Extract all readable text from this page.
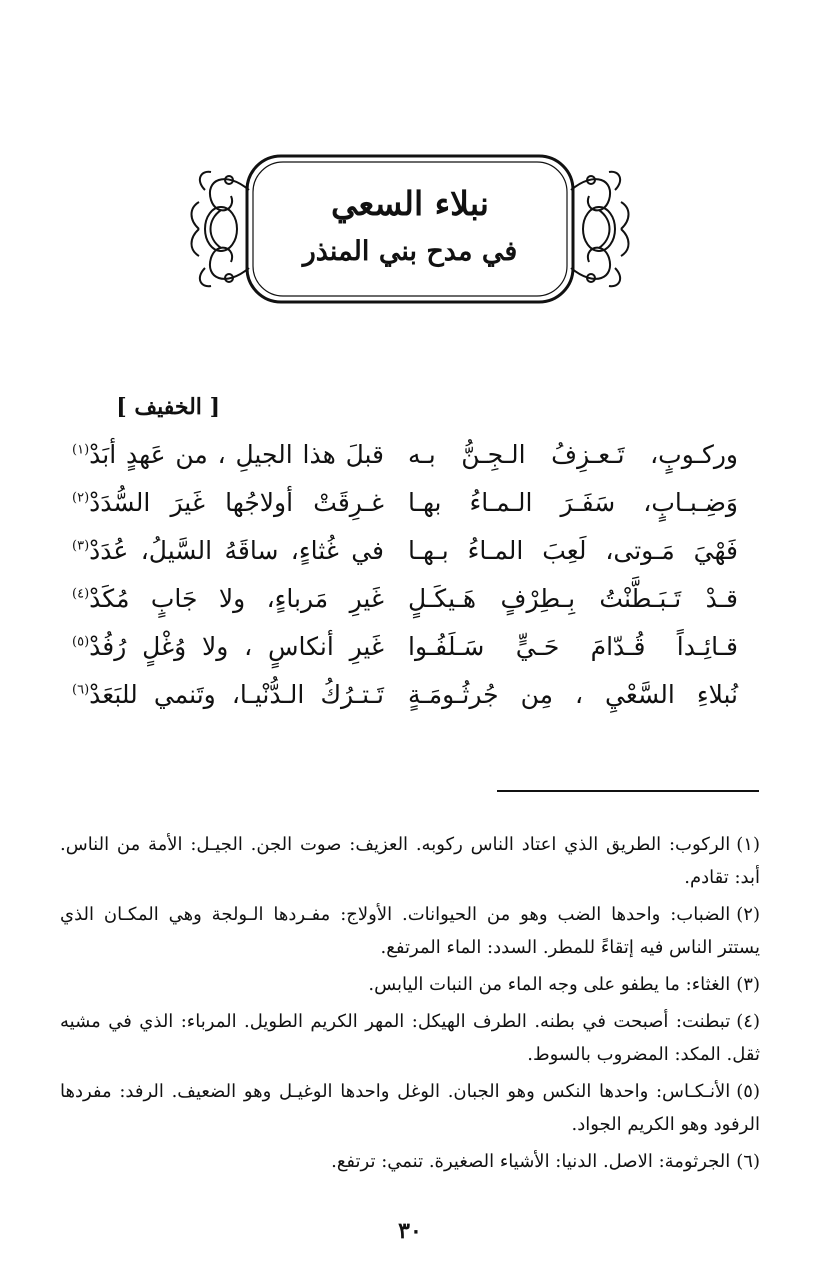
نبلاء السعي
في مدح بني المنذر
[ الخفيف ]
وركـوبٍ، تَـعـزِفُ الـجِـنُّ بـه
قبلَ هذا الجيلِ ، من عَهدٍ أبَدْ$^{(١)}$
وَضِـبـابٍ، سَفَـرَ الـمـاءُ بهـا
غـرِقَتْ أولاجُها غَيرَ السُّدَدْ$^{(٢)}$
فَهْيَ مَـوتى، لَعِبَ المـاءُ بـهـا
في غُثاءٍ، ساقَهُ السَّيلُ، عُدَدْ$^{(٣)}$
قـدْ تَـبَـطَّنْتُ بِـطِرْفٍ هَـيكَـلٍ
غَيرِ مَرباءٍ، ولا جَابٍ مُكَدْ$^{(٤)}$
قـائِـداً قُـدّامَ حَـيٍّ سَـلَفُـوا
غَيرِ أنكاسٍ ، ولا وُغْلٍ رُفُدْ$^{(٥)}$
نُبلاءِ السَّعْيِ ، مِن جُرثُـومَـةٍ
تَـتـرُكُ الـدُّنْيـا، وتَنمي للبَعَدْ$^{(٦)}$
(١)الركوب: الطريق الذي اعتاد الناس ركوبه. العزيف: صوت الجن. الجيـل: الأمة من الناس. أبد: تقادم.
(٢)الضباب: واحدها الضب وهو من الحيوانات. الأولاج: مفـردها الـولجة وهي المكـان الذي يستتر الناس فيه إتقاءً للمطر. السدد: الماء المرتفع.
(٣)الغثاء: ما يطفو على وجه الماء من النبات اليابس.
(٤)تبطنت: أصبحت في بطنه. الطرف الهيكل: المهر الكريم الطويل. المرباء: الذي في مشيه ثقل. المكد: المضروب بالسوط.
(٥)الأنـكـاس: واحدها النكس وهو الجبان. الوغل واحدها الوغيـل وهو الضعيف. الرفد: مفردها الرفود وهو الكريم الجواد.
(٦)الجرثومة: الاصل. الدنيا: الأشياء الصغيرة. تنمي: ترتفع.
٣٠
